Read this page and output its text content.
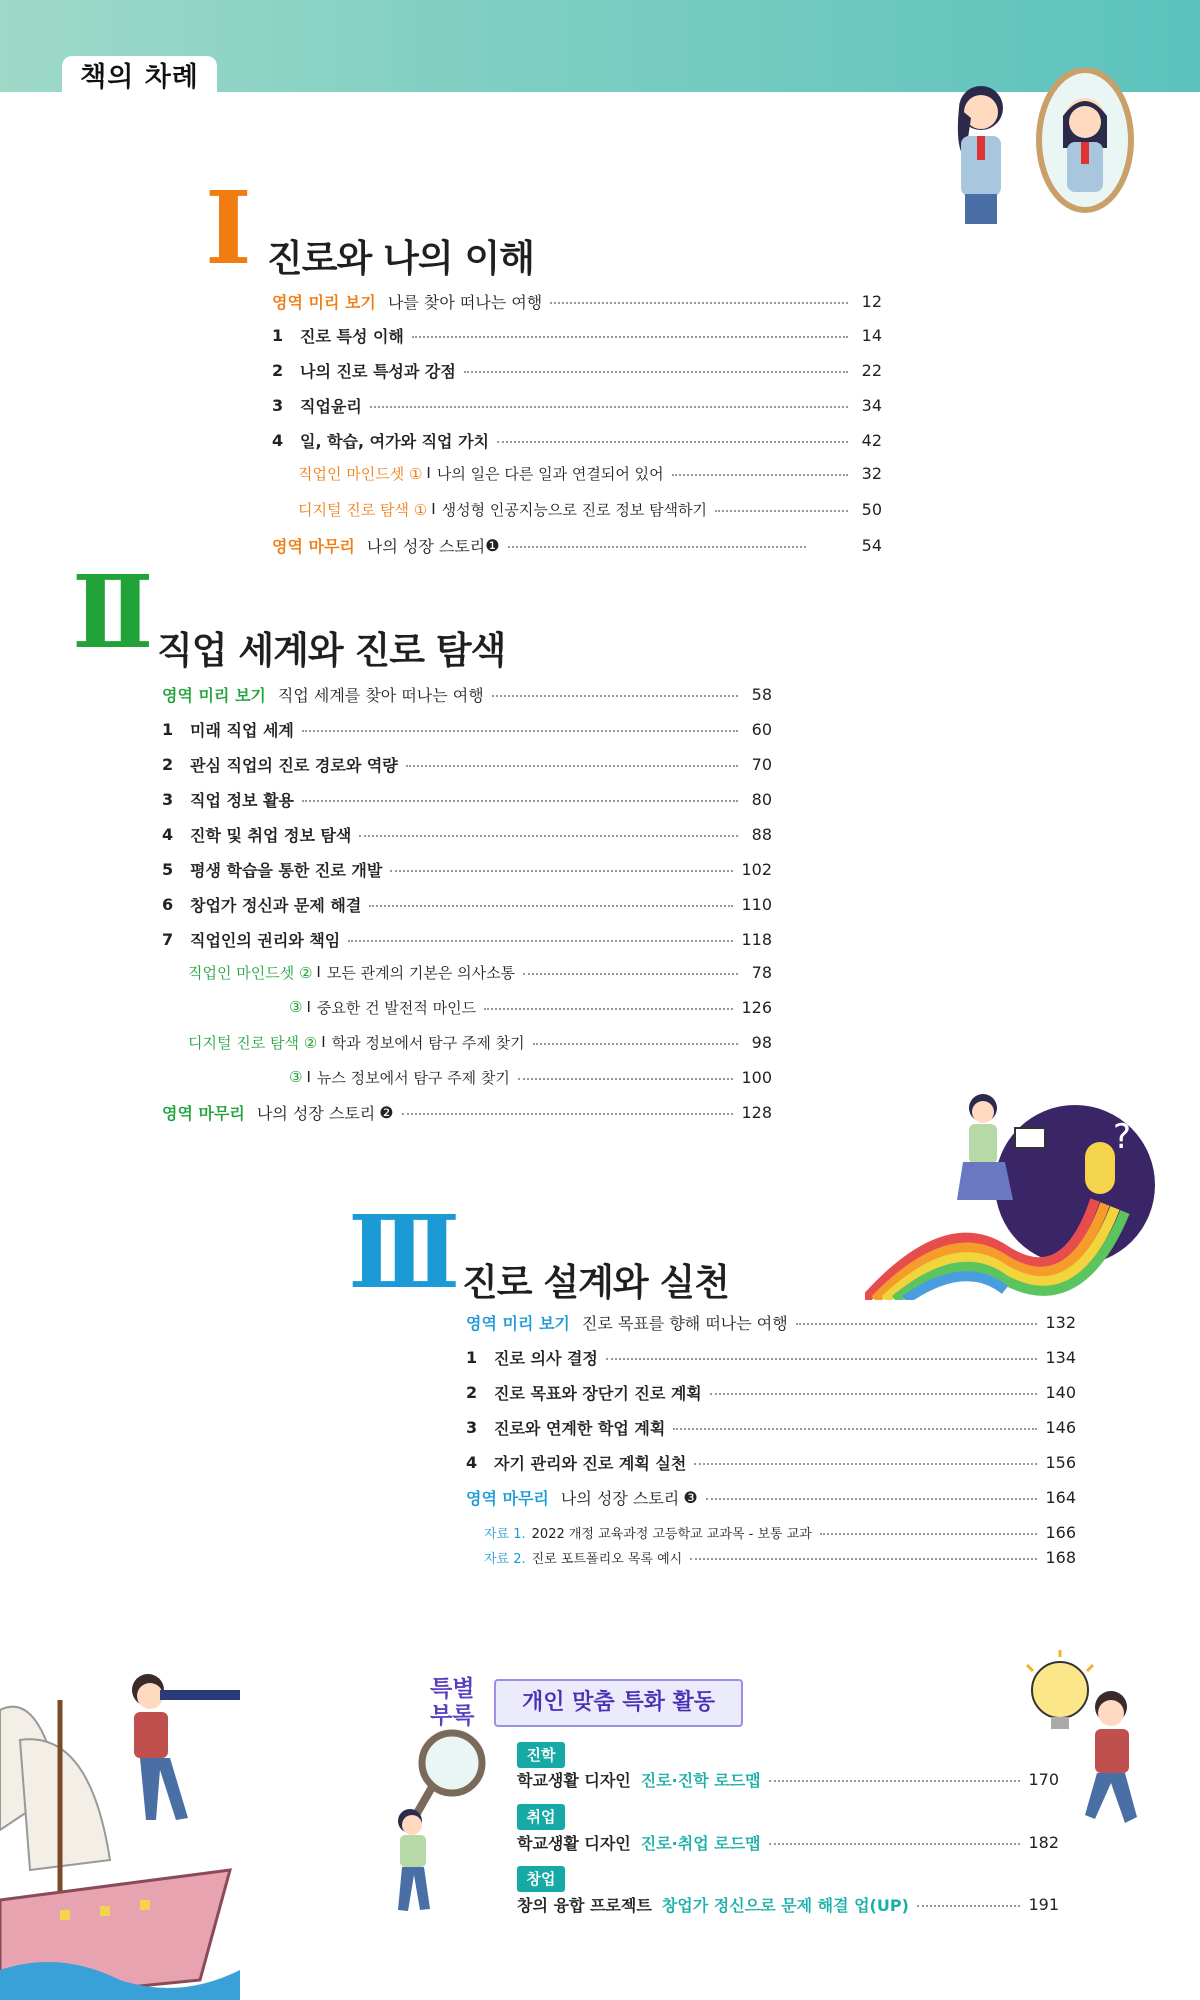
책의 차례
I 진로와 나의 이해
영역 미리 보기 나를 찾아 떠나는 여행	12
1	진로 특성 이해	14
2	나의 진로 특성과 강점	22
3	직업윤리	34
4	일, 학습, 여가와 직업 가치	42
직업인 마인드셋 ① I 나의 일은 다른 일과 연결되어 있어	32
디지털 진로 탐색 ① I 생성형 인공지능으로 진로 정보 탐색하기	50
영역 마무리 나의 성장 스토리 ❶	54
II 직업 세계와 진로 탐색
영역 미리 보기 직업 세계를 찾아 떠나는 여행	58
1	미래 직업 세계	60
2	관심 직업의 진로 경로와 역량	70
3	직업 정보 활용	80
4	진학 및 취업 정보 탐색	88
5	평생 학습을 통한 진로 개발	102
6	창업가 정신과 문제 해결	110
7	직업인의 권리와 책임	118
직업인 마인드셋 ② I 모든 관계의 기본은 의사소통	78
③ I 중요한 건 발전적 마인드	126
디지털 진로 탐색 ② I 학과 정보에서 탐구 주제 찾기	98
③ I 뉴스 정보에서 탐구 주제 찾기	100
영역 마무리 나의 성장 스토리 ❷	128
?
III 진로 설계와 실천
영역 미리 보기 진로 목표를 향해 떠나는 여행	132
1	진로 의사 결정	134
2	진로 목표와 장단기 진로 계획	140
3	진로와 연계한 학업 계획	146
4	자기 관리와 진로 계획 실천	156
영역 마무리 나의 성장 스토리 ❸	164
자료 1. 2022 개정 교육과정 고등학교 교과목 - 보통 교과	166
자료 2. 진로 포트폴리오 목록 예시	168
특별
부록
개인 맞춤 특화 활동
진학
학교생활 디자인 진로·진학 로드맵	170
취업
학교생활 디자인 진로·취업 로드맵	182
창업
창의 융합 프로젝트 창업가 정신으로 문제 해결 업(UP)	191
